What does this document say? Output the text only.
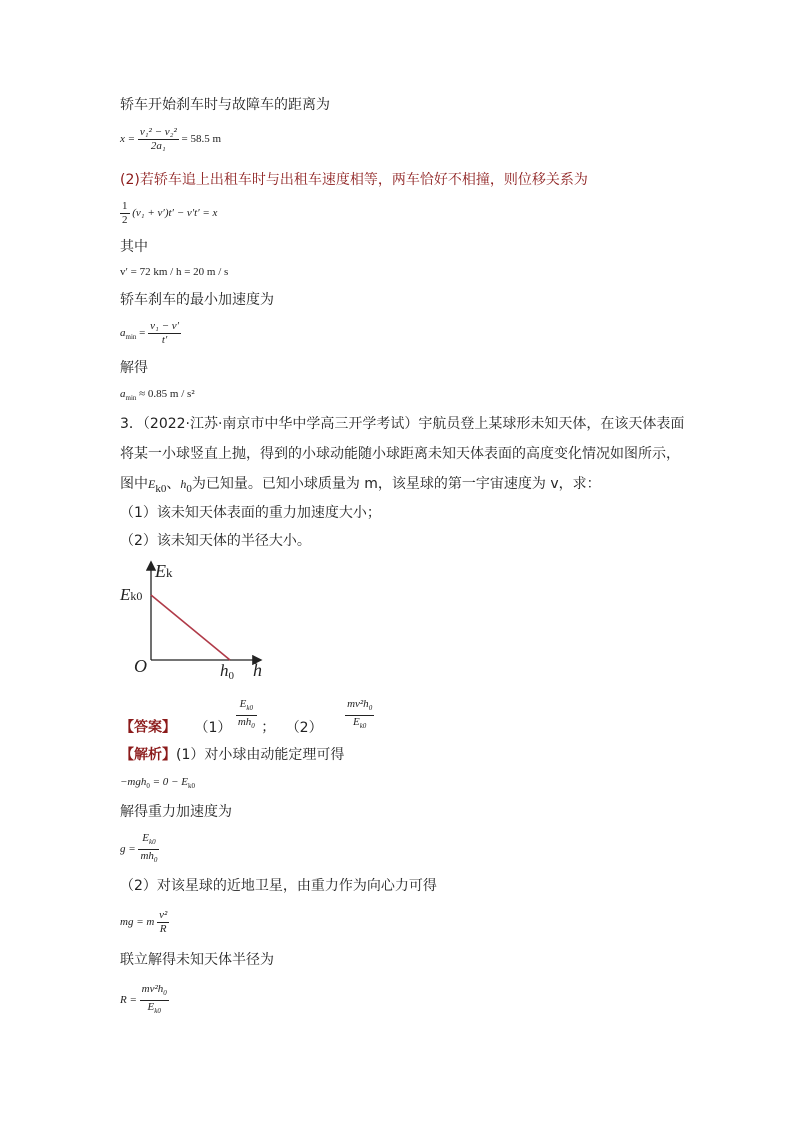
轿车开始刹车时与故障车的距离为
$x = \frac{\text{v₁² − v₂²}}{\text{2a₁}} = 58.5$ m
(2)若轿车追上出租车时与出租车速度相等，两车恰好不相撞，则位移关系为
$\frac{1}{2} (v_1 + v')t' - v't' = x$
其中
v′ = 72 km / h = 20 m / s
轿车刹车的最小加速度为
$a_{min} = \frac{\text{v₁ − v′}}{t'}$
解得
$a_{min} \approx 0.85$ m / s²
3．（2022·江苏·南京市中华中学高三开学考试）宇航员登上某球形未知天体，在该天体表面
将某一小球竖直上抛，得到的小球动能随小球距离未知天体表面的高度变化情况如图所示，
图中$E_{k0}$、$h_0$为已知量。已知小球质量为 m，该星球的第一宇宙速度为 v，求：
（1）该未知天体表面的重力加速度大小；
（2）该未知天体的半径大小。
Ek
Ek0
O	h0 h
【答案】 $(1) \frac{E_{k0}}{mh_0}$ ； $(2) \frac{mv^2h_0}{E_{k0}}$
【解析】(1）对小球由动能定理可得
$-mgh_0 = 0 - E_{k0}$
解得重力加速度为
$g = \frac{E_{k0}}{mh_0}$
（2）对该星球的近地卫星，由重力作为向心力可得
mg = m $\frac{\text{v²}}{R}$
联立解得未知天体半径为
$R = \frac{mv^2h_0}{E_{k0}}$
